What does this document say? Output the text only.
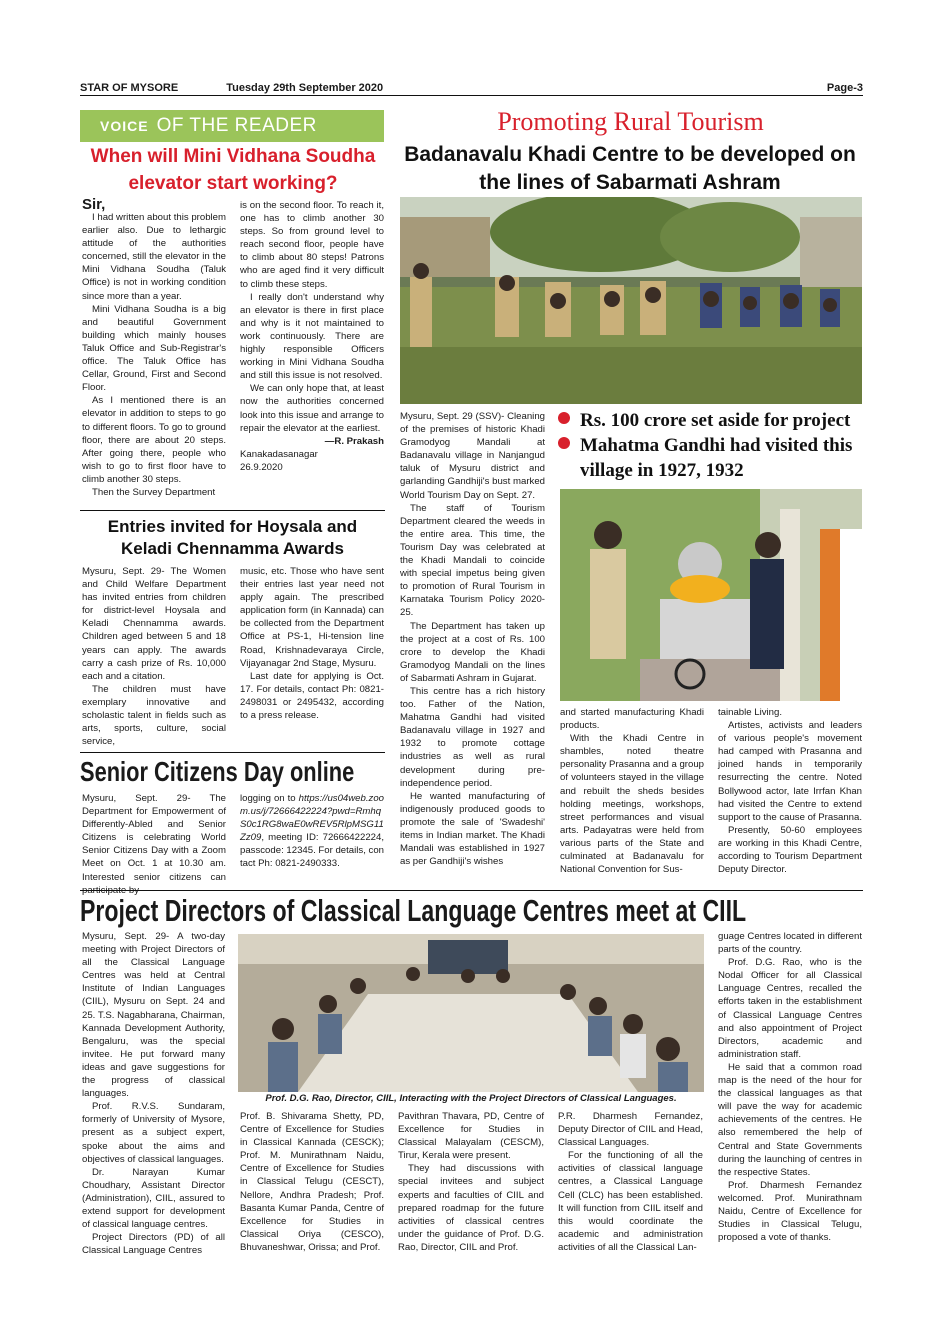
STAR OF MYSORE	Tuesday 29th September 2020	Page-3
VOICE OF THE READER
When will Mini Vidhana Soudha elevator start working?

Sir,

I had written about this problem earlier also. Due to lethargic attitude of the authorities concerned, still the elevator in the Mini Vidhana Soudha (Taluk Office) is not in working condition since more than a year.

Mini Vidhana Soudha is a big and beautiful Government building which mainly houses Taluk Office and Sub-Registrar's office. The Taluk Office has Cellar, Ground, First and Second Floor.

As I mentioned there is an elevator in addition to steps to go to different floors. To go to ground floor, there are about 20 steps. After going there, people who wish to go to first floor have to climb another 30 steps.

Then the Survey Department

is on the second floor. To reach it, one has to climb another 30 steps. So from ground level to reach second floor, people have to climb about 80 steps! Patrons who are aged find it very difficult to climb these steps.

I really don't understand why an elevator is there in first place and why is it not maintained to work continuously. There are highly responsible Officers working in Mini Vidhana Soudha and still this issue is not resolved.

We can only hope that, at least now the authorities concerned look into this issue and arrange to repair the elevator at the earliest.

—R. Prakash

Kanakadasanagar

26.9.2020

Entries invited for Hoysala and Keladi Chennamma Awards

Mysuru, Sept. 29- The Women and Child Welfare Department has invited entries from children for district-level Hoysala and Keladi Chennamma awards. Children aged between 5 and 18 years can apply. The awards carry a cash prize of Rs. 10,000 each and a citation.

The children must have exemplary innovative and scholastic talent in fields such as arts, sports, culture, social service,

music, etc. Those who have sent their entries last year need not apply again. The prescribed application form (in Kannada) can be collected from the Department Office at PS-1, Hi-tension line Road, Krishnadevaraya Circle, Vijayanagar 2nd Stage, Mysuru.

Last date for applying is Oct. 17. For details, contact Ph: 0821-2498031 or 2495432, according to a press release.

Senior Citizens Day online

Mysuru, Sept. 29- The Department for Empowerment of Differently-Abled and Senior Citizens is celebrating World Senior Citizens Day with a Zoom Meet on Oct. 1 at 10.30 am. Interested senior citizens can participate by

logging on to https://us04web.zoom.us/j/72666422224?pwd=RmhqS0c1RG8waE0wREV5RlpMSG11Zz09, meeting ID: 72666422224, passcode: 12345. For details, contact Ph: 0821-2490333.

Promoting Rural Tourism
Badanavalu Khadi Centre to be developed on the lines of Sabarmati Ashram

Mysuru, Sept. 29 (SSV)- Cleaning of the premises of historic Khadi Gramodyog Mandali at Badanavalu village in Nanjangud taluk of Mysuru district and garlanding Gandhiji's bust marked World Tourism Day on Sept. 27.

The staff of Tourism Department cleared the weeds in the entire area. This time, the Tourism Day was celebrated at the Khadi Mandali to coincide with special impetus being given to promotion of Rural Tourism in Karnataka Tourism Policy 2020-25.

The Department has taken up the project at a cost of Rs. 100 crore to develop the Khadi Gramodyog Mandali on the lines of Sabarmati Ashram in Gujarat.

This centre has a rich history too. Father of the Nation, Mahatma Gandhi had visited Badanavalu village in 1927 and 1932 to promote cottage industries as well as rural development during pre-independence period.

He wanted manufacturing of indigenously produced goods to promote the sale of 'Swadeshi' items in Indian market. The Khadi Mandali was established in 1927 as per Gandhiji's wishes

Rs. 100 crore set aside for project
Mahatma Gandhi had visited this village in 1927, 1932

and started manufacturing Khadi products.

With the Khadi Centre in shambles, noted theatre personality Prasanna and a group of volunteers stayed in the village and rebuilt the sheds besides holding meetings, workshops, street performances and visual arts. Padayatras were held from various parts of the State and culminated at Badanavalu for National Convention for Sus-

tainable Living.

Artistes, activists and leaders of various people's movement had camped with Prasanna and joined hands in temporarily resurrecting the centre. Noted Bollywood actor, late Irrfan Khan had visited the Centre to extend support to the cause of Prasanna.

Presently, 50-60 employees are working in this Khadi Centre, according to Tourism Department Deputy Director.

Project Directors of Classical Language Centres meet at CIIL

Mysuru, Sept. 29- A two-day meeting with Project Directors of all the Classical Language Centres was held at Central Institute of Indian Languages (CIIL), Mysuru on Sept. 24 and 25. T.S. Nagabharana, Chairman, Kannada Development Authority, Bengaluru, was the special invitee. He put forward many ideas and gave suggestions for the progress of classical languages.

Prof. R.V.S. Sundaram, formerly of University of Mysore, present as a subject expert, spoke about the aims and objectives of classical languages.

Dr. Narayan Kumar Choudhary, Assistant Director (Administration), CIIL, assured to extend support for development of classical language centres.

Project Directors (PD) of all Classical Language Centres

Prof. D.G. Rao, Director, CIIL, Interacting with the Project Directors of Classical Languages.

Prof. B. Shivarama Shetty, PD, Centre of Excellence for Studies in Classical Kannada (CESCK); Prof. M. Munirathnam Naidu, Centre of Excellence for Studies in Classical Telugu (CESCT), Nellore, Andhra Pradesh; Prof. Basanta Kumar Panda, Centre of Excellence for Studies in Classical Oriya (CESCO), Bhuvaneshwar, Orissa; and Prof.

Pavithran Thavara, PD, Centre of Excellence for Studies in Classical Malayalam (CESCM), Tirur, Kerala were present.

They had discussions with special invitees and subject experts and faculties of CIIL and prepared roadmap for the future activities of classical centres under the guidance of Prof. D.G. Rao, Director, CIIL and Prof.

P.R. Dharmesh Fernandez, Deputy Director of CIIL and Head, Classical Languages.

For the functioning of all the activities of classical language centres, a Classical Language Cell (CLC) has been established. It will function from CIIL itself and this would coordinate the academic and administration activities of all the Classical Lan-

guage Centres located in different parts of the country.

Prof. D.G. Rao, who is the Nodal Officer for all Classical Language Centres, recalled the efforts taken in the establishment of Classical Language Centres and also appointment of Project Directors, academic and administration staff.

He said that a common road map is the need of the hour for the classical languages as that will pave the way for academic achievements of the centres. He also remembered the help of Central and State Governments during the launching of centres in the respective States.

Prof. Dharmesh Fernandez welcomed. Prof. Munirathnam Naidu, Centre of Excellence for Studies in Classical Telugu, proposed a vote of thanks.
